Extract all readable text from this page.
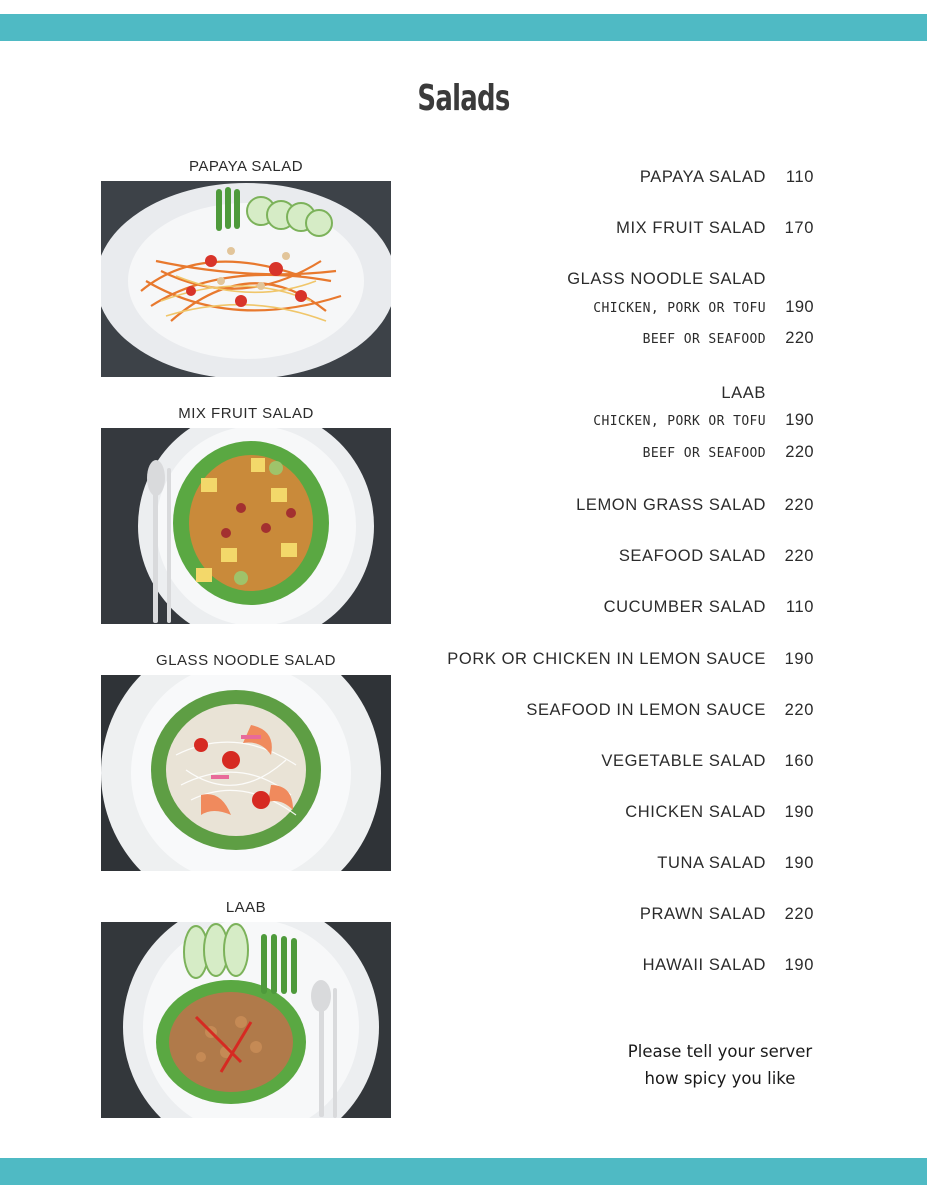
Salads
PAPAYA SALAD
MIX FRUIT SALAD
GLASS NOODLE SALAD
LAAB
PAPAYA SALAD	110
MIX FRUIT SALAD	170
GLASS NOODLE SALAD
CHICKEN, PORK OR TOFU	190
BEEF OR SEAFOOD	220
LAAB
CHICKEN, PORK OR TOFU	190
BEEF OR SEAFOOD	220
LEMON GRASS SALAD	220
SEAFOOD SALAD	220
CUCUMBER SALAD	110
PORK OR CHICKEN IN LEMON SAUCE	190
SEAFOOD IN LEMON SAUCE	220
VEGETABLE SALAD	160
CHICKEN SALAD	190
TUNA SALAD	190
PRAWN SALAD	220
HAWAII SALAD	190
Please tell your server
how spicy you like
